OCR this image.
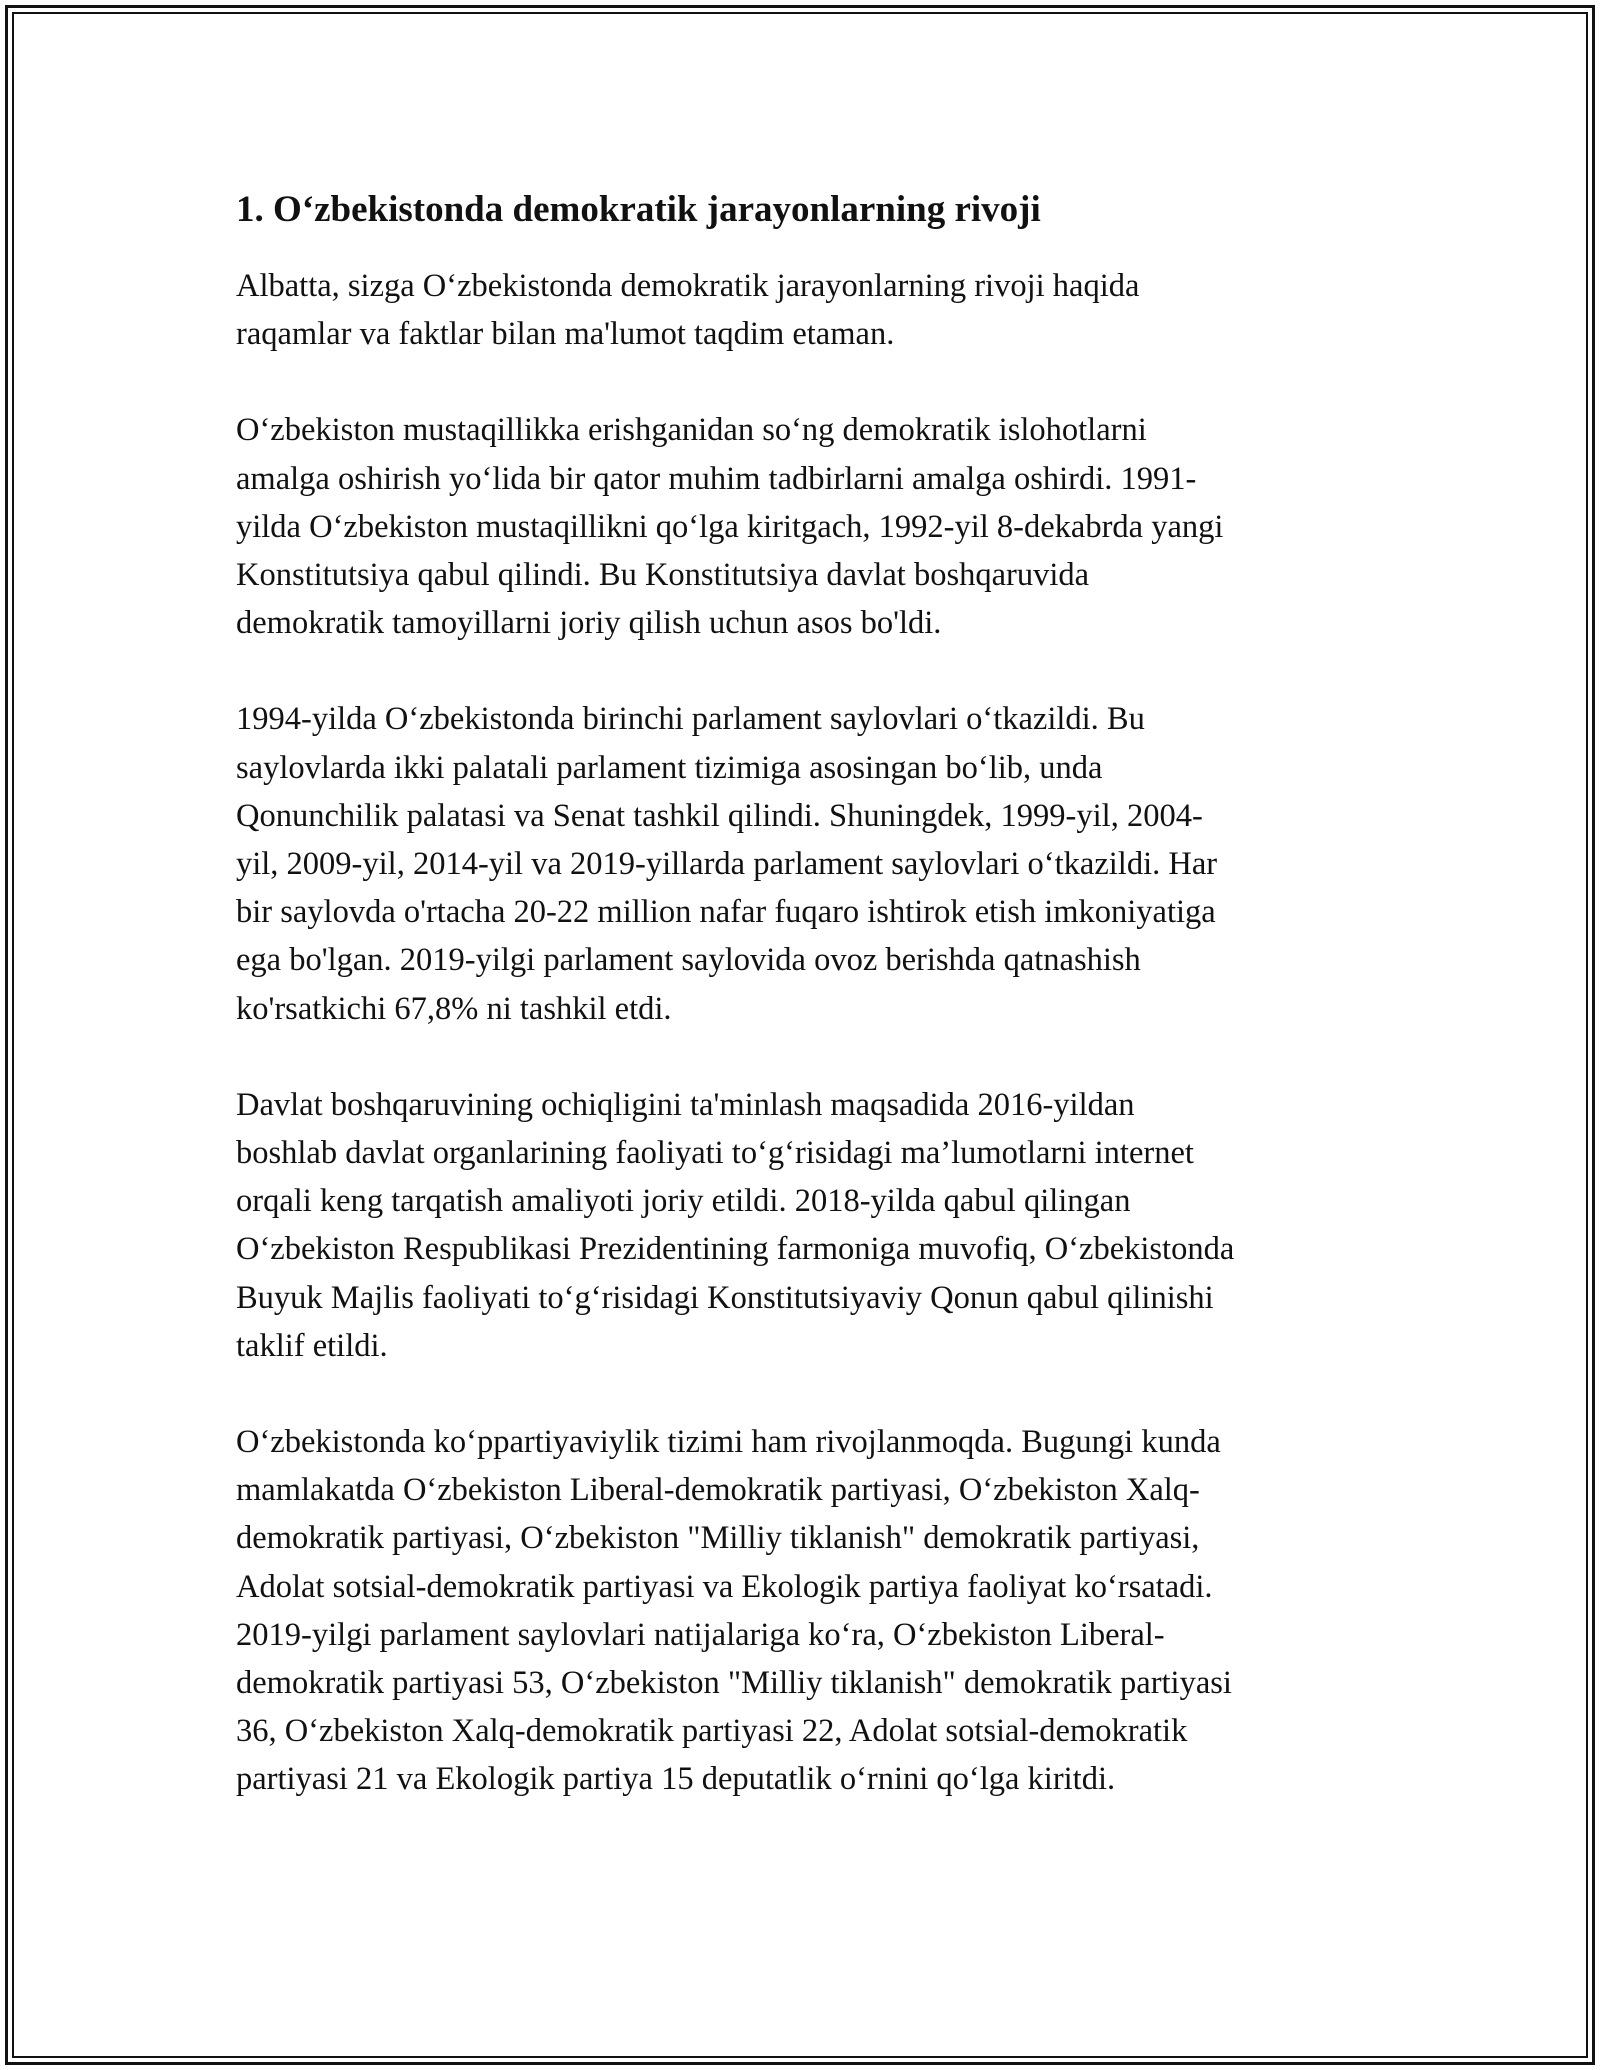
1. O‘zbekistonda demokratik jarayonlarning rivoji

Albatta, sizga O‘zbekistonda demokratik jarayonlarning rivoji haqida
raqamlar va faktlar bilan ma'lumot taqdim etaman.

O‘zbekiston mustaqillikka erishganidan so‘ng demokratik islohotlarni
amalga oshirish yo‘lida bir qator muhim tadbirlarni amalga oshirdi. 1991-
yilda O‘zbekiston mustaqillikni qo‘lga kiritgach, 1992-yil 8-dekabrda yangi
Konstitutsiya qabul qilindi. Bu Konstitutsiya davlat boshqaruvida
demokratik tamoyillarni joriy qilish uchun asos bo'ldi.

1994-yilda O‘zbekistonda birinchi parlament saylovlari o‘tkazildi. Bu
saylovlarda ikki palatali parlament tizimiga asosingan bo‘lib, unda
Qonunchilik palatasi va Senat tashkil qilindi. Shuningdek, 1999-yil, 2004-
yil, 2009-yil, 2014-yil va 2019-yillarda parlament saylovlari o‘tkazildi. Har
bir saylovda o'rtacha 20-22 million nafar fuqaro ishtirok etish imkoniyatiga
ega bo'lgan. 2019-yilgi parlament saylovida ovoz berishda qatnashish
ko'rsatkichi 67,8% ni tashkil etdi.

Davlat boshqaruvining ochiqligini ta'minlash maqsadida 2016-yildan
boshlab davlat organlarining faoliyati to‘g‘risidagi ma’lumotlarni internet
orqali keng tarqatish amaliyoti joriy etildi. 2018-yilda qabul qilingan
O‘zbekiston Respublikasi Prezidentining farmoniga muvofiq, O‘zbekistonda
Buyuk Majlis faoliyati to‘g‘risidagi Konstitutsiyaviy Qonun qabul qilinishi
taklif etildi.

O‘zbekistonda ko‘ppartiyaviylik tizimi ham rivojlanmoqda. Bugungi kunda
mamlakatda O‘zbekiston Liberal-demokratik partiyasi, O‘zbekiston Xalq-
demokratik partiyasi, O‘zbekiston "Milliy tiklanish" demokratik partiyasi,
Adolat sotsial-demokratik partiyasi va Ekologik partiya faoliyat ko‘rsatadi.
2019-yilgi parlament saylovlari natijalariga ko‘ra, O‘zbekiston Liberal-
demokratik partiyasi 53, O‘zbekiston "Milliy tiklanish" demokratik partiyasi
36, O‘zbekiston Xalq-demokratik partiyasi 22, Adolat sotsial-demokratik
partiyasi 21 va Ekologik partiya 15 deputatlik o‘rnini qo‘lga kiritdi.
